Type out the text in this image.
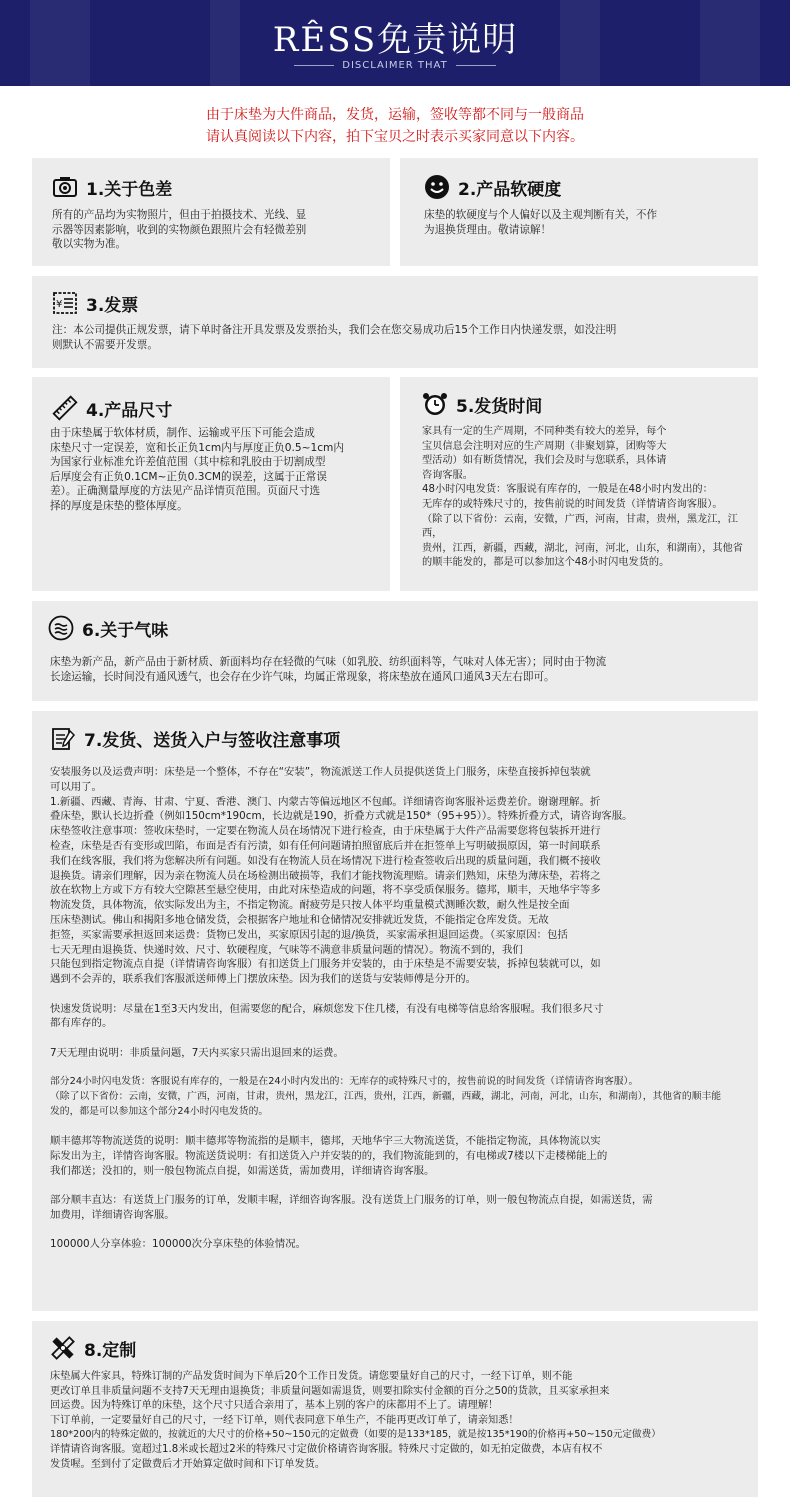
RÊSS免责说明
DISCLAIMER THAT
由于床垫为大件商品，发货，运输，签收等都不同与一般商品
请认真阅读以下内容，拍下宝贝之时表示买家同意以下内容。
1.关于色差

所有的产品均为实物照片，但由于拍摄技术、光线、显

示器等因素影响，收到的实物颜色跟照片会有轻微差别

敬以实物为准。

2.产品软硬度

床垫的软硬度与个人偏好以及主观判断有关，不作

为退换货理由。敬请谅解！

¥ 3.发票

注：本公司提供正规发票，请下单时备注开具发票及发票抬头，我们会在您交易成功后15个工作日内快递发票，如没注明

则默认不需要开发票。

4.产品尺寸

由于床垫属于软体材质，制作、运输或平压下可能会造成

床垫尺寸一定误差，宽和长正负1cm内与厚度正负0.5~1cm内

为国家行业标准允许差值范围（其中棕和乳胶由于切割成型

后厚度会有正负0.1CM~正负0.3CM的误差，这属于正常误

差）。正确测量厚度的方法见产品详情页范围。页面尺寸选

择的厚度是床垫的整体厚度。

5.发货时间

家具有一定的生产周期，不同种类有较大的差异，每个

宝贝信息会注明对应的生产周期（非聚划算，团购等大

型活动）如有断货情况，我们会及时与您联系，具体请

咨询客服。

48小时闪电发货：客服说有库存的，一般是在48小时内发出的：

无库存的或特殊尺寸的，按售前说的时间发货（详情请咨询客服）。

（除了以下省份：云南，安微，广西，河南，甘肃，贵州，黑龙江，江西，

贵州，江西，新疆，西藏，湖北，河南，河北，山东，和湖南），其他省

的顺丰能发的，都是可以参加这个48小时闪电发货的。

6.关于气味

床垫为新产品，新产品由于新材质、新面料均存在轻微的气味（如乳胶、纺织面料等，气味对人体无害）；同时由于物流

长途运输，长时间没有通风透气，也会存在少许气味，均属正常现象，将床垫放在通风口通风3天左右即可。

7.发货、送货入户与签收注意事项

安装服务以及运费声明：床垫是一个整体，不存在“安装”，物流派送工作人员提供送货上门服务，床垫直接拆掉包装就

可以用了。

1.新疆、西藏、青海、甘肃、宁夏、香港、澳门、内蒙古等偏远地区不包邮。详细请咨询客服补运费差价。谢谢理解。折

叠床垫，默认长边折叠（例如150cm*190cm，长边就是190，折叠方式就是150*（95+95））。特殊折叠方式，请咨询客服。

床垫签收注意事项：签收床垫时，一定要在物流人员在场情况下进行检查，由于床垫属于大件产品需要您将包装拆开进行

检查，床垫是否有变形或凹陷，布面是否有污渍，如有任何问题请拍照留底后并在拒签单上写明破损原因，第一时间联系

我们在线客服，我们将为您解决所有问题。如没有在物流人员在场情况下进行检查签收后出现的质量问题，我们概不接收

退换货。请亲们理解，因为亲在物流人员在场检测出破损等，我们才能找物流理赔。请亲们熟知，床垫为薄床垫，若将之

放在软物上方或下方有较大空隙甚至悬空使用，由此对床垫造成的问题，将不享受质保服务。德邦，顺丰，天地华宇等多

物流发货，具体物流，依实际发出为主，不指定物流。耐疲劳是只按人体平均重量模式测睡次数，耐久性是按全面

压床垫测试。佛山和揭阳多地仓储发货，会根据客户地址和仓储情况安排就近发货，不能指定仓库发货。无故

拒签，买家需要承担返回来运费：货物已发出，买家原因引起的退/换货，买家需承担退回运费。（买家原因：包括

七天无理由退换货、快递时效、尺寸、软硬程度，气味等不满意非质量问题的情况）。物流不到的，我们

只能包到指定物流点自提（详情请咨询客服）有扣送货上门服务并安装的，由于床垫是不需要安装，拆掉包装就可以，如

遇到不会弄的，联系我们客服派送师傅上门摆放床垫。因为我们的送货与安装师傅是分开的。

快速发货说明：尽量在1至3天内发出，但需要您的配合，麻烦您发下住几楼，有没有电梯等信息给客服喔。我们很多尺寸

都有库存的。

7天无理由说明：非质量问题，7天内买家只需出退回来的运费。

部分24小时闪电发货：客服说有库存的，一般是在24小时内发出的：无库存的或特殊尺寸的，按售前说的时间发货（详情请咨询客服）。

（除了以下省份：云南，安微，广西，河南，甘肃，贵州，黑龙江，江西，贵州，江西，新疆，西藏，湖北，河南，河北，山东，和湖南），其他省的顺丰能

发的，都是可以参加这个部分24小时闪电发货的。

顺丰德邦等物流送货的说明：顺丰德邦等物流指的是顺丰，德邦，天地华宇三大物流送货，不能指定物流，具体物流以实

际发出为主，详情咨询客服。物流送货说明：有扣送货入户并安装的的，我们物流能到的，有电梯或7楼以下走楼梯能上的

我们都送；没扣的，则一般包物流点自提，如需送货，需加费用，详细请咨询客服。

部分顺丰直达：有送货上门服务的订单，发顺丰喔，详细咨询客服。没有送货上门服务的订单，则一般包物流点自提，如需送货，需

加费用，详细请咨询客服。

100000人分享体验：100000次分享床垫的体验情况。

8.定制

床垫属大件家具，特殊订制的产品发货时间为下单后20个工作日发货。请您要量好自己的尺寸，一经下订单，则不能

更改订单且非质量问题不支持7天无理由退换货；非质量问题如需退货，则要扣除实付金额的百分之50的货款，且买家承担来

回运费。因为特殊订单的床垫，这个尺寸只适合亲用了，基本上别的客户的床都用不上了。请理解！

下订单前，一定要量好自己的尺寸，一经下订单，则代表同意下单生产，不能再更改订单了，请亲知悉！

180*200内的特殊定做的，按就近的大尺寸的价格+50~150元的定做费（如要的是133*185，就是按135*190的价格再+50~150元定做费）

详情请咨询客服。宽超过1.8米或长超过2米的特殊尺寸定做价格请咨询客服。特殊尺寸定做的，如无拍定做费，本店有权不

发货喔。至到付了定做费后才开始算定做时间和下订单发货。
